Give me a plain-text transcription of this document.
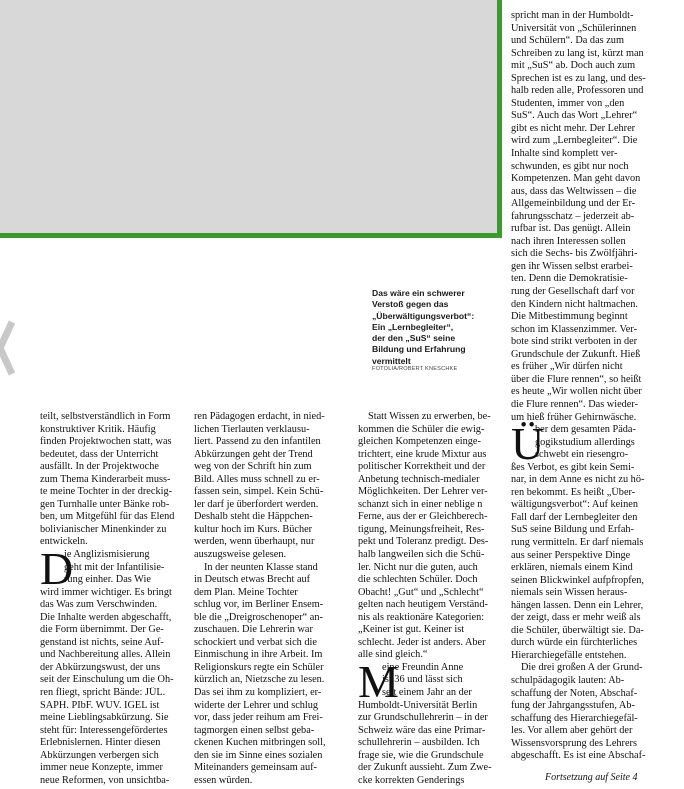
Das wäre ein schwerer
Verstoß gegen das
„Überwältigungsverbot“:
Ein „Lernbegleiter“,
der den „SuS“ seine
Bildung und Erfahrung
vermittelt
FOTOLIA/ROBERT KNESCHKE
teilt, selbstverständlich in Form
konstruktiver Kritik. Häufig
finden Projektwochen statt, was
bedeutet, dass der Unterricht
ausfällt. In der Projektwoche
zum Thema Kinderarbeit muss-
te meine Tochter in der dreckig-
gen Turnhalle unter Bänke rob-
ben, um Mitgefühl für das Elend
bolivianischer Minenkinder zu
entwickeln.
ie Anglizismisierung
geht mit der Infantilisie-
rung einher. Das Wie
wird immer wichtiger. Es bringt
das Was zum Verschwinden.
Die Inhalte werden abgeschafft,
die Form übernimmt. Der Ge-
genstand ist nichts, seine Auf-
und Nachbereitung alles. Allein
der Abkürzungswust, der uns
seit der Einschulung um die Oh-
ren fliegt, spricht Bände: JÜL.
SAPH. PIbF. WUV. IGEL ist
meine Lieblingsabkürzung. Sie
steht für: Interessengefördertes
Erlebnislernen. Hinter diesen
Abkürzungen verbergen sich
immer neue Konzepte, immer
neue Reformen, von unsichtba-
D
ren Pädagogen erdacht, in nied-
lichen Tierlauten verklausu-
liert. Passend zu den infantilen
Abkürzungen geht der Trend
weg von der Schrift hin zum
Bild. Alles muss schnell zu er-
fassen sein, simpel. Kein Schü-
ler darf je überfordert werden.
Deshalb steht die Häppchen-
kultur hoch im Kurs. Bücher
werden, wenn überhaupt, nur
auszugsweise gelesen.
In der neunten Klasse stand
in Deutsch etwas Brecht auf
dem Plan. Meine Tochter
schlug vor, im Berliner Ensem-
ble die „Dreigroschenoper“ an-
zuschauen. Die Lehrerin war
schockiert und verbat sich die
Einmischung in ihre Arbeit. Im
Religionskurs regte ein Schüler
kürzlich an, Nietzsche zu lesen.
Das sei ihm zu kompliziert, er-
widerte der Lehrer und schlug
vor, dass jeder reihum am Frei-
tagmorgen einen selbst geba-
ckenen Kuchen mitbringen soll,
den sie im Sinne eines sozialen
Miteinanders gemeinsam auf-
essen würden.
Statt Wissen zu erwerben, be-
kommen die Schüler die ewig-
gleichen Kompetenzen einge-
trichtert, eine krude Mixtur aus
politischer Korrektheit und der
Anbetung technisch-medialer
Möglichkeiten. Der Lehrer ver-
schanzt sich in einer neblige n
Ferne, aus der er Gleichberech-
tigung, Meinungsfreiheit, Res-
pekt und Toleranz predigt. Des-
halb langweilen sich die Schü-
ler. Nicht nur die guten, auch
die schlechten Schüler. Doch
Obacht! „Gut“ und „Schlecht“
gelten nach heutigem Verständ-
nis als reaktionäre Kategorien:
„Keiner ist gut. Keiner ist
schlecht. Jeder ist anders. Aber
alle sind gleich.“
eine Freundin Anne
ist 36 und lässt sich
seit einem Jahr an der
Humboldt-Universität Berlin
zur Grundschullehrerin – in der
Schweiz wäre das eine Primar-
schullehrerin – ausbilden. Ich
frage sie, wie die Grundschule
der Zukunft aussieht. Zum Zwe-
cke korrekten Genderings
M
spricht man in der Humboldt-
Universität von „Schülerinnen
und Schülern“. Da das zum
Schreiben zu lang ist, kürzt man
mit „SuS“ ab. Doch auch zum
Sprechen ist es zu lang, und des-
halb reden alle, Professoren und
Studenten, immer von „den
SuS“. Auch das Wort „Lehrer“
gibt es nicht mehr. Der Lehrer
wird zum „Lernbegleiter“. Die
Inhalte sind komplett ver-
schwunden, es gibt nur noch
Kompetenzen. Man geht davon
aus, dass das Weltwissen – die
Allgemeinbildung und der Er-
fahrungsschatz – jederzeit ab-
rufbar ist. Das genügt. Allein
nach ihren Interessen sollen
sich die Sechs- bis Zwölfjähri-
gen ihr Wissen selbst erarbei-
ten. Denn die Demokratisie-
rung der Gesellschaft darf vor
den Kindern nicht haltmachen.
Die Mitbestimmung beginnt
schon im Klassenzimmer. Ver-
bote sind strikt verboten in der
Grundschule der Zukunft. Hieß
es früher „Wir dürfen nicht
über die Flure rennen“, so heißt
es heute „Wir wollen nicht über
die Flure rennen“. Das wieder-
um hieß früher Gehirnwäsche.
ber dem gesamten Päda-
gogikstudium allerdings
schwebt ein riesengro-
ßes Verbot, es gibt kein Semi-
nar, in dem Anne es nicht zu hö-
ren bekommt. Es heißt „Über-
wältigungsverbot“: Auf keinen
Fall darf der Lernbegleiter den
SuS seine Bildung und Erfah-
rung vermitteln. Er darf niemals
aus seiner Perspektive Dinge
erklären, niemals einem Kind
seinen Blickwinkel aufpfropfen,
niemals sein Wissen heraus-
hängen lassen. Denn ein Lehrer,
der zeigt, dass er mehr weiß als
die Schüler, überwältigt sie. Da-
durch würde ein fürchterliches
Hierarchiegefälle entstehen.
Die drei großen A der Grund-
schulpädagogik lauten: Ab-
schaffung der Noten, Abschaf-
fung der Jahrgangsstufen, Ab-
schaffung des Hierarchiegefäl-
les. Vor allem aber gehört der
Wissensvorsprung des Lehrers
abgeschafft. Es ist eine Abschaf-
Ü
Fortsetzung auf Seite 4
